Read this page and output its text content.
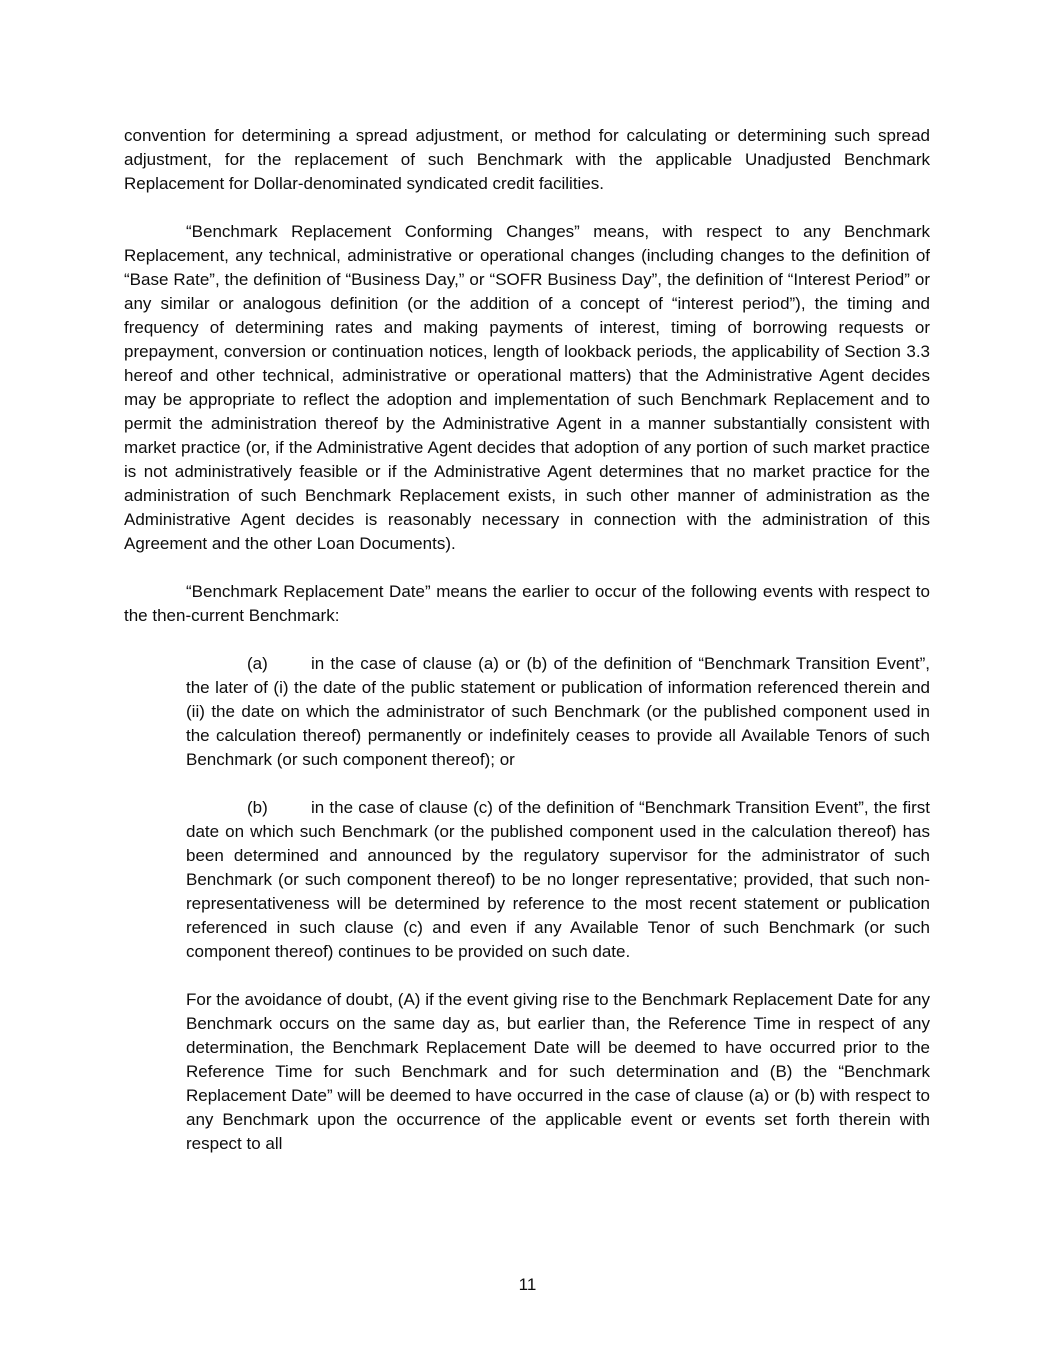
convention for determining a spread adjustment, or method for calculating or determining such spread adjustment, for the replacement of such Benchmark with the applicable Unadjusted Benchmark Replacement for Dollar-denominated syndicated credit facilities.

“Benchmark Replacement Conforming Changes” means, with respect to any Benchmark Replacement, any technical, administrative or operational changes (including changes to the definition of “Base Rate”, the definition of “Business Day,” or “SOFR Business Day”, the definition of “Interest Period” or any similar or analogous definition (or the addition of a concept of “interest period”), the timing and frequency of determining rates and making payments of interest, timing of borrowing requests or prepayment, conversion or continuation notices, length of lookback periods, the applicability of Section 3.3 hereof and other technical, administrative or operational matters) that the Administrative Agent decides may be appropriate to reflect the adoption and implementation of such Benchmark Replacement and to permit the administration thereof by the Administrative Agent in a manner substantially consistent with market practice (or, if the Administrative Agent decides that adoption of any portion of such market practice is not administratively feasible or if the Administrative Agent determines that no market practice for the administration of such Benchmark Replacement exists, in such other manner of administration as the Administrative Agent decides is reasonably necessary in connection with the administration of this Agreement and the other Loan Documents).

“Benchmark Replacement Date” means the earlier to occur of the following events with respect to the then-current Benchmark:

(a)	in the case of clause (a) or (b) of the definition of “Benchmark Transition Event”, the later of (i) the date of the public statement or publication of information referenced therein and (ii) the date on which the administrator of such Benchmark (or the published component used in the calculation thereof) permanently or indefinitely ceases to provide all Available Tenors of such Benchmark (or such component thereof); or

(b)	in the case of clause (c) of the definition of “Benchmark Transition Event”, the first date on which such Benchmark (or the published component used in the calculation thereof) has been determined and announced by the regulatory supervisor for the administrator of such Benchmark (or such component thereof) to be no longer representative; provided, that such non-representativeness will be determined by reference to the most recent statement or publication referenced in such clause (c) and even if any Available Tenor of such Benchmark (or such component thereof) continues to be provided on such date.

For the avoidance of doubt, (A) if the event giving rise to the Benchmark Replacement Date for any Benchmark occurs on the same day as, but earlier than, the Reference Time in respect of any determination, the Benchmark Replacement Date will be deemed to have occurred prior to the Reference Time for such Benchmark and for such determination and (B) the “Benchmark Replacement Date” will be deemed to have occurred in the case of clause (a) or (b) with respect to any Benchmark upon the occurrence of the applicable event or events set forth therein with respect to all

11
